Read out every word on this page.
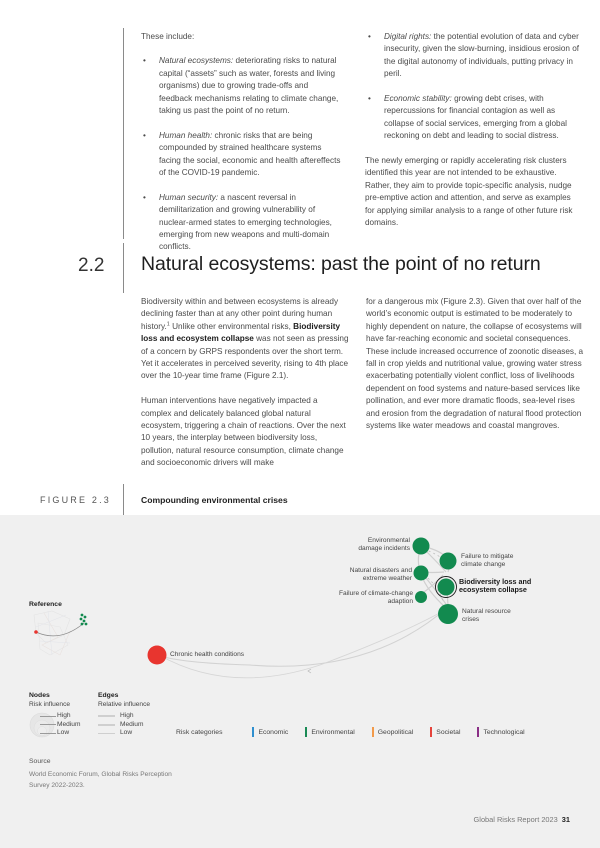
These include:

• Natural ecosystems: deteriorating risks to natural capital (“assets” such as water, forests and living organisms) due to growing trade-offs and feedback mechanisms relating to climate change, taking us past the point of no return.
• Human health: chronic risks that are being compounded by strained healthcare systems facing the social, economic and health aftereffects of the COVID-19 pandemic.
• Human security: a nascent reversal in demilitarization and growing vulnerability of nuclear-armed states to emerging technologies, emerging from new weapons and multi-domain conflicts.
• Digital rights: the potential evolution of data and cyber insecurity, given the slow-burning, insidious erosion of the digital autonomy of individuals, putting privacy in peril.
• Economic stability: growing debt crises, with repercussions for financial contagion as well as collapse of social services, emerging from a global reckoning on debt and leading to social distress.

The newly emerging or rapidly accelerating risk clusters identified this year are not intended to be exhaustive. Rather, they aim to provide topic-specific analysis, nudge pre-emptive action and attention, and serve as examples for applying similar analysis to a range of other future risk domains.

2.2 Natural ecosystems: past the point of no return

Biodiversity within and between ecosystems is already declining faster than at any other point during human history.$^1$ Unlike other environmental risks, Biodiversity loss and ecosystem collapse was not seen as pressing of a concern by GRPS respondents over the short term. Yet it accelerates in perceived severity, rising to 4th place over the 10-year time frame (Figure 2.1).

Human interventions have negatively impacted a complex and delicately balanced global natural ecosystem, triggering a chain of reactions. Over the next 10 years, the interplay between biodiversity loss, pollution, natural resource consumption, climate change and socioeconomic drivers will make

for a dangerous mix (Figure 2.3). Given that over half of the world’s economic output is estimated to be moderately to highly dependent on nature, the collapse of ecosystems will have far-reaching economic and societal consequences. These include increased occurrence of zoonotic diseases, a fall in crop yields and nutritional value, growing water stress exacerbating potentially violent conflict, loss of livelihoods dependent on food systems and nature-based services like pollination, and ever more dramatic floods, sea-level rises and erosion from the degradation of natural flood protection systems like water meadows and coastal mangroves.

FIGURE 2.3	Compounding environmental crises
Reference
Environmental
damage incidents
Failure to mitigate
climate change
Natural disasters and
extreme weather	Biodiversity loss and
ecosystem collapse
Failure of climate-change
adaption
Natural resource
crises
Chronic health conditions
Nodes
Risk influence
High
Medium
Low
Edges
Relative influence
High
Medium
Low	Risk categories	Economic	Environmental	Geopolitical	Societal	Technological
Source
World Economic Forum, Global Risks Perception Survey 2022-2023.
Global Risks Report 2023 31
